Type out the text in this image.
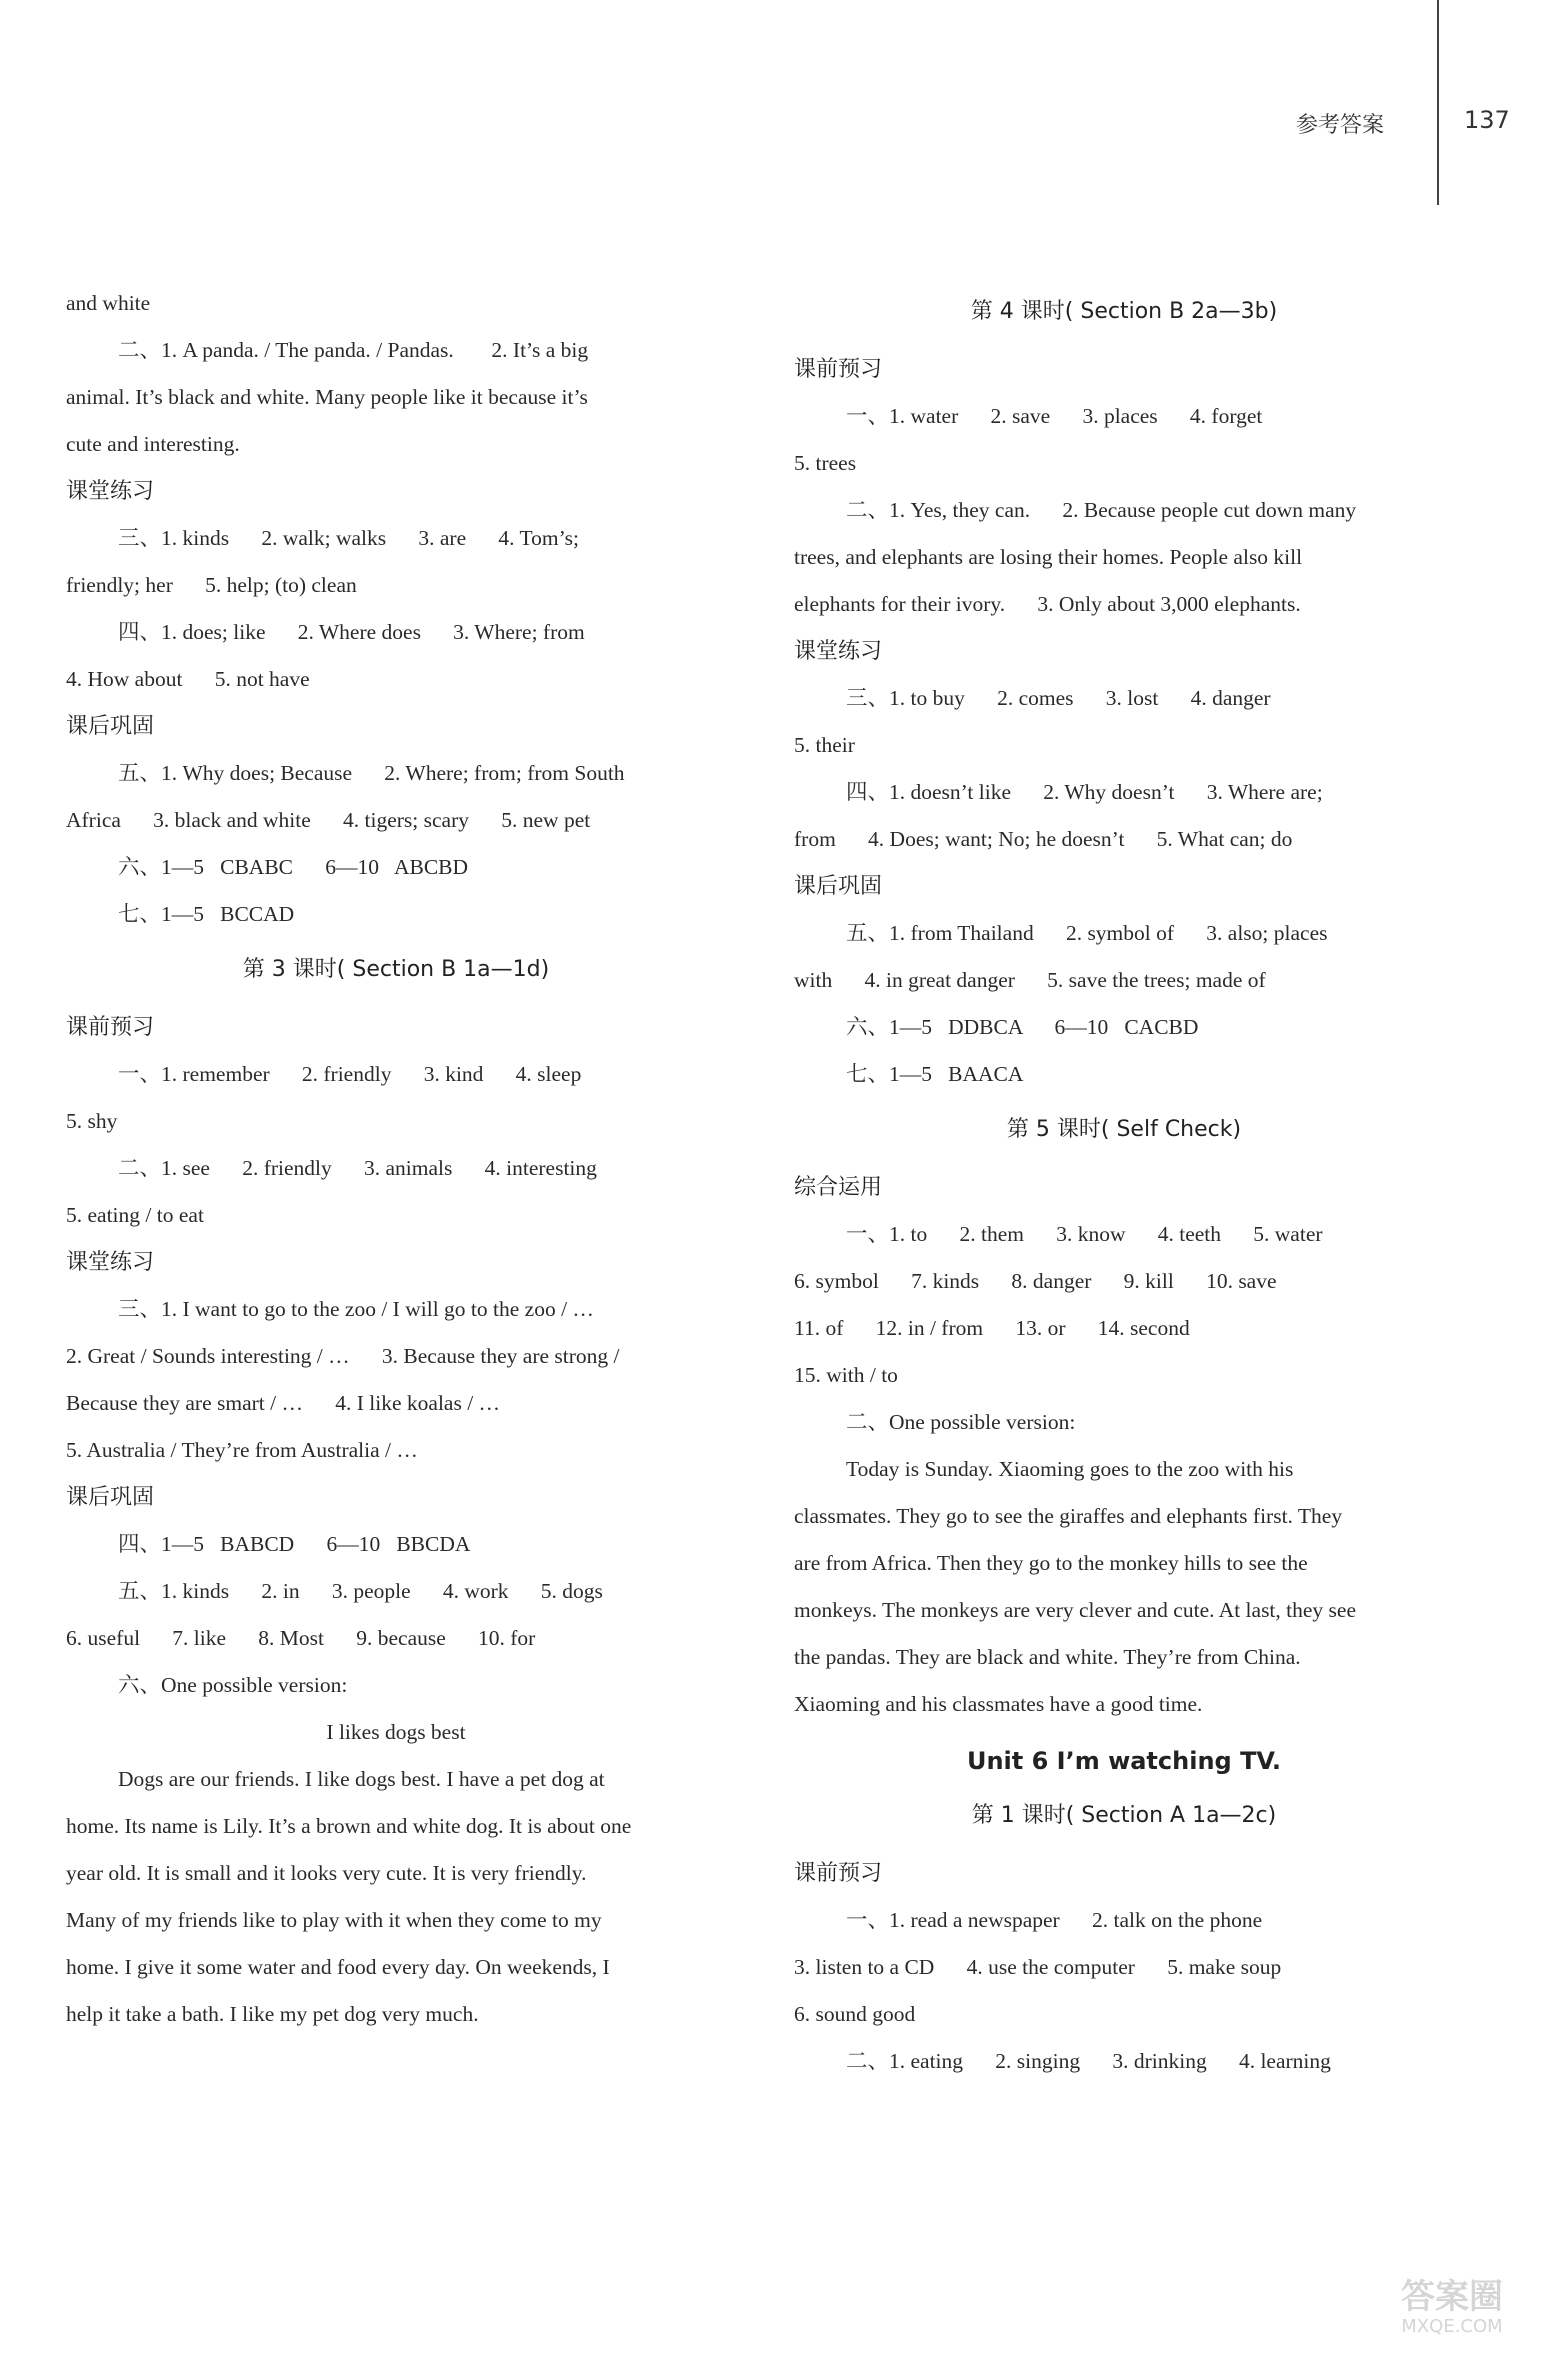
参考答案	137
and white
二、1. A panda. / The panda. / Pandas.       2. It’s a big
animal. It’s black and white. Many people like it because it’s
cute and interesting.
课堂练习
三、1. kinds      2. walk; walks      3. are      4. Tom’s;
friendly; her      5. help; (to) clean
四、1. does; like      2. Where does      3. Where; from
4. How about      5. not have
课后巩固
五、1. Why does; Because      2. Where; from; from South
Africa      3. black and white      4. tigers; scary      5. new pet
六、1—5   CBABC      6—10   ABCBD
七、1—5   BCCAD
第 3 课时( Section B 1a—1d)
课前预习
一、1. remember      2. friendly      3. kind      4. sleep
5. shy
二、1. see      2. friendly      3. animals      4. interesting
5. eating / to eat
课堂练习
三、1. I want to go to the zoo / I will go to the zoo / …
2. Great / Sounds interesting / …      3. Because they are strong /
Because they are smart / …      4. I like koalas / …
5. Australia / They’re from Australia / …
课后巩固
四、1—5   BABCD      6—10   BBCDA
五、1. kinds      2. in      3. people      4. work      5. dogs
6. useful      7. like      8. Most      9. because      10. for
六、One possible version:
I likes dogs best
Dogs are our friends. I like dogs best. I have a pet dog at
home. Its name is Lily. It’s a brown and white dog. It is about one
year old. It is small and it looks very cute. It is very friendly.
Many of my friends like to play with it when they come to my
home. I give it some water and food every day. On weekends, I
help it take a bath. I like my pet dog very much.
第 4 课时( Section B 2a—3b)
课前预习
一、1. water      2. save      3. places      4. forget
5. trees
二、1. Yes, they can.      2. Because people cut down many
trees, and elephants are losing their homes. People also kill
elephants for their ivory.      3. Only about 3,000 elephants.
课堂练习
三、1. to buy      2. comes      3. lost      4. danger
5. their
四、1. doesn’t like      2. Why doesn’t      3. Where are;
from      4. Does; want; No; he doesn’t      5. What can; do
课后巩固
五、1. from Thailand      2. symbol of      3. also; places
with      4. in great danger      5. save the trees; made of
六、1—5   DDBCA      6—10   CACBD
七、1—5   BAACA
第 5 课时( Self Check)
综合运用
一、1. to      2. them      3. know      4. teeth      5. water
6. symbol      7. kinds      8. danger      9. kill      10. save
11. of      12. in / from      13. or      14. second
15. with / to
二、One possible version:
Today is Sunday. Xiaoming goes to the zoo with his
classmates. They go to see the giraffes and elephants first. They
are from Africa. Then they go to the monkey hills to see the
monkeys. The monkeys are very clever and cute. At last, they see
the pandas. They are black and white. They’re from China.
Xiaoming and his classmates have a good time.
Unit 6 I’m watching TV.
第 1 课时( Section A 1a—2c)
课前预习
一、1. read a newspaper      2. talk on the phone
3. listen to a CD      4. use the computer      5. make soup
6. sound good
二、1. eating      2. singing      3. drinking      4. learning
答案圈
MXQE.COM
